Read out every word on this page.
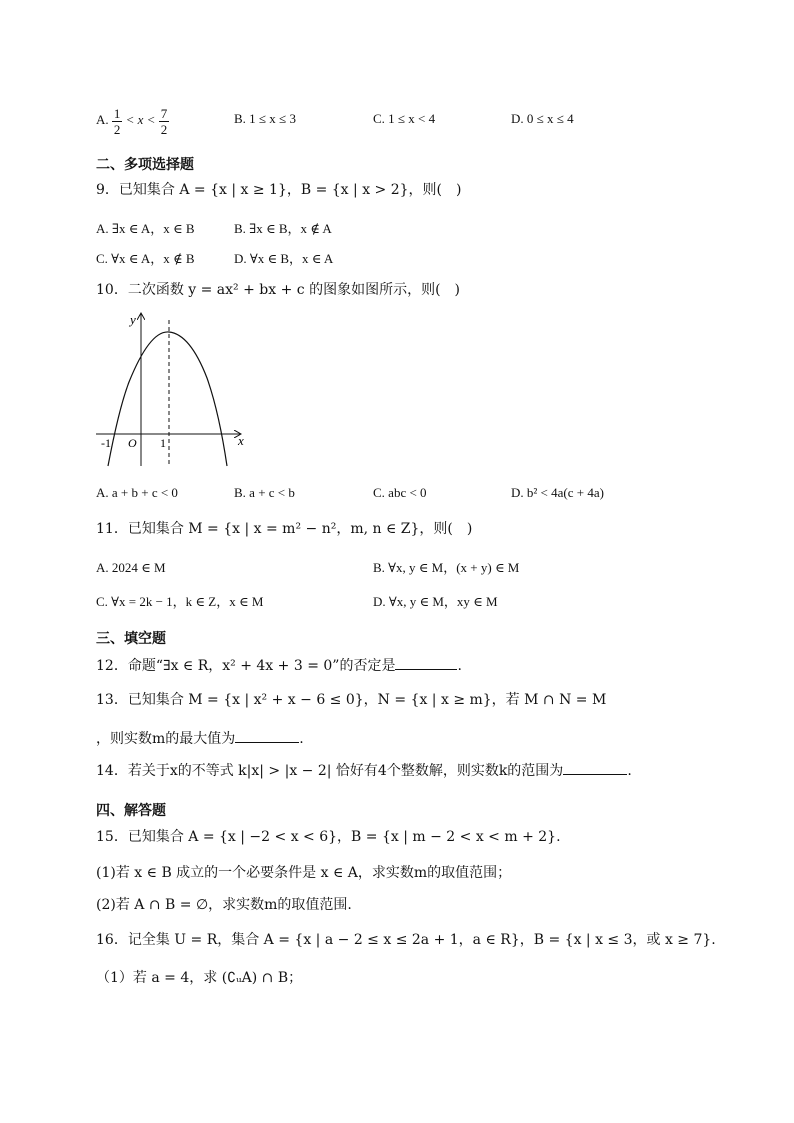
A. $\frac{1}{2} < x < \frac{7}{2}$	B. 1 ≤ x ≤ 3	C. 1 ≤ x < 4	D. 0 ≤ x ≤ 4
二、多项选择题
9．已知集合 A = {x | x ≥ 1}，B = {x | x > 2}，则(　)
A. ∃x ∈ A，x ∈ B	B. ∃x ∈ B，x ∉ A
C. ∀x ∈ A，x ∉ B	D. ∀x ∈ B，x ∈ A
10．二次函数 y = ax² + bx + c 的图象如图所示，则(　)
y
x
O
-1	1
A. a + b + c < 0	B. a + c < b	C. abc < 0	D. b² < 4a(c + 4a)
11．已知集合 M = {x | x = m² − n²，m, n ∈ Z}，则(　)
A. 2024 ∈ M	B. ∀x, y ∈ M，(x + y) ∈ M
C. ∀x = 2k − 1，k ∈ Z，x ∈ M	D. ∀x, y ∈ M，xy ∈ M
三、填空题
12．命题“∃x ∈ R，x² + 4x + 3 = 0”的否定是	.
13．已知集合 M = {x | x² + x − 6 ≤ 0}，N = {x | x ≥ m}，若 M ∩ N = M
，则实数m的最大值为	.
14．若关于x的不等式 k|x| > |x − 2| 恰好有4个整数解，则实数k的范围为	.
四、解答题
15．已知集合 A = {x | −2 < x < 6}，B = {x | m − 2 < x < m + 2}.
(1)若 x ∈ B 成立的一个必要条件是 x ∈ A，求实数m的取值范围；
(2)若 A ∩ B = ∅，求实数m的取值范围.
16．记全集 U = R，集合 A = {x | a − 2 ≤ x ≤ 2a + 1，a ∈ R}，B = {x | x ≤ 3，或 x ≥ 7}.
（1）若 a = 4，求 (∁ᵤA) ∩ B；
